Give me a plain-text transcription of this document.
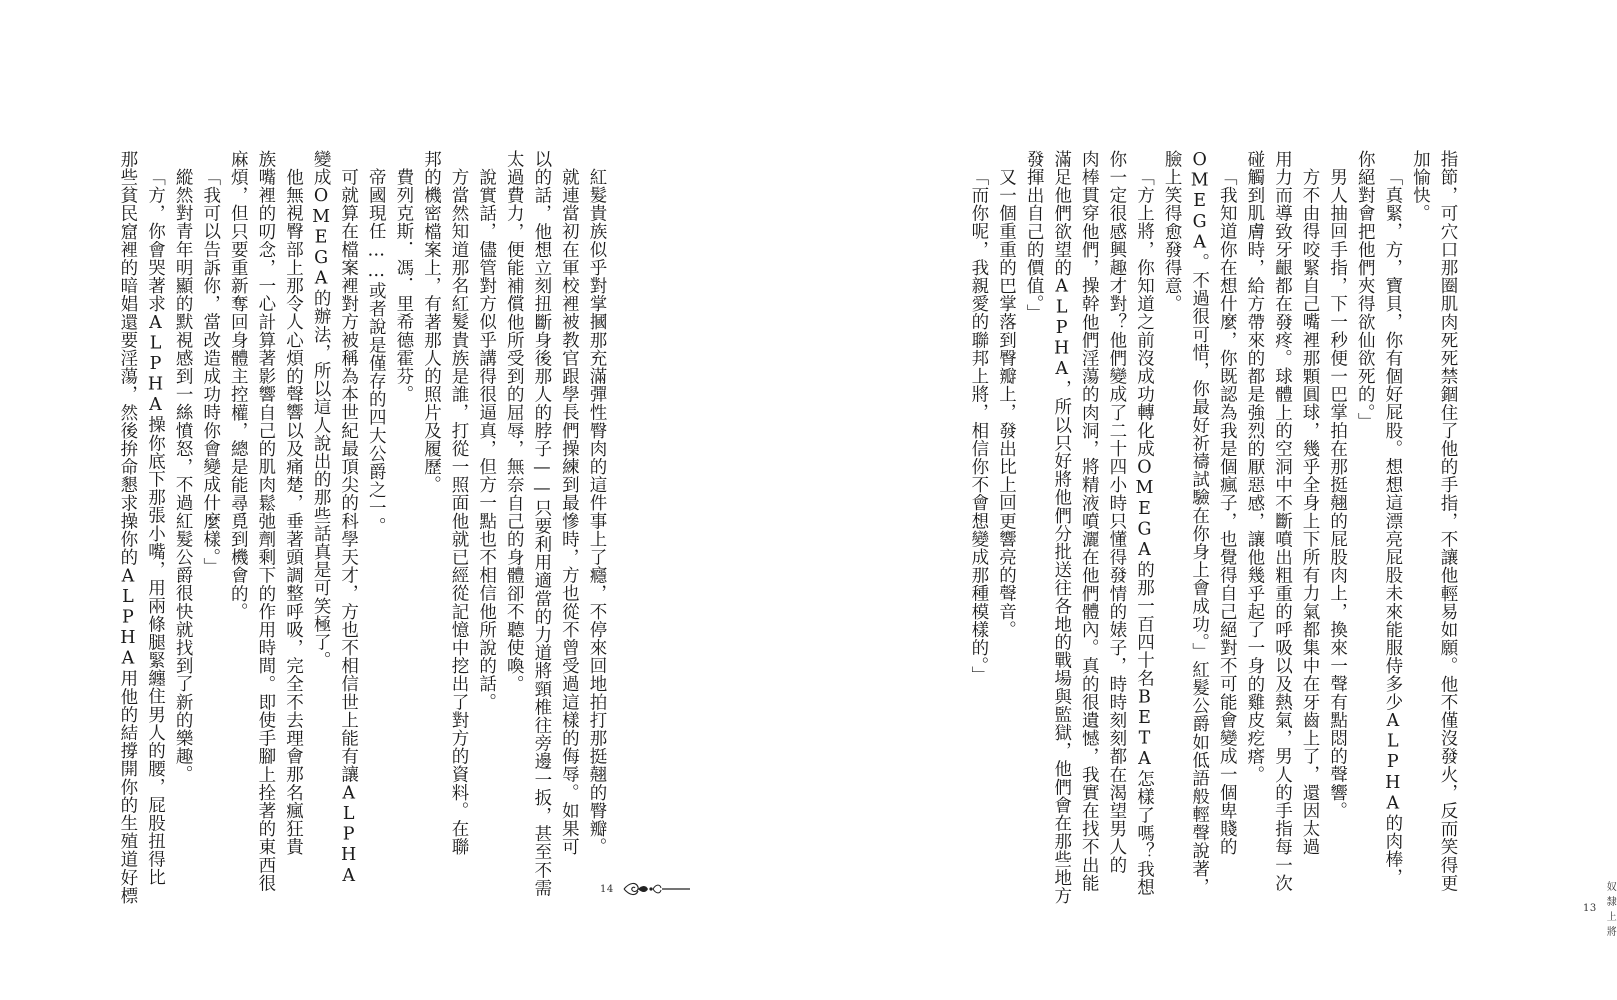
紅髮貴族似乎對掌摑那充滿彈性臀肉的這件事上了癮，不停來回地拍打那挺翹的臀瓣。

就連當初在軍校裡被教官跟學長們操練到最慘時，方也從不曾受過這樣的侮辱。如果可

以的話，他想立刻扭斷身後那人的脖子——只要利用適當的力道將頸椎往旁邊一扳，甚至不需

太過費力，便能補償他所受到的屈辱，無奈自己的身體卻不聽使喚。

說實話，儘管對方似乎講得很逼真，但方一點也不相信他所說的話。

方當然知道那名紅髮貴族是誰，打從一照面他就已經從記憶中挖出了對方的資料。在聯

邦的機密檔案上，有著那人的照片及履歷。

費列克斯．馮．里希德霍芬。

帝國現任……或者說是僅存的四大公爵之一。

可就算在檔案裡對方被稱為本世紀最頂尖的科學天才，方也不相信世上能有讓ALPHA

變成OMEGA的辦法，所以這人說出的那些話真是可笑極了。

他無視臀部上那令人心煩的聲響以及痛楚，垂著頭調整呼吸，完全不去理會那名瘋狂貴

族嘴裡的叨念，一心計算著影響自己的肌肉鬆弛劑剩下的作用時間。即使手腳上拴著的東西很

麻煩，但只要重新奪回身體主控權，總是能尋覓到機會的。

「我可以告訴你，當改造成功時你會變成什麼樣。」

縱然對青年明顯的默視感到一絲憤怒，不過紅髮公爵很快就找到了新的樂趣。

「方，你會哭著求ALPHA操你底下那張小嘴，用兩條腿緊纏住男人的腰，屁股扭得比

那些貧民窟裡的暗娼還要淫蕩，然後拚命懇求操你的ALPHA用他的結撐開你的生殖道好標	14	指節，可穴口那圈肌肉死死禁錮住了他的手指，不讓他輕易如願。他不僅沒發火，反而笑得更

加愉快。

「真緊，方，寶貝，你有個好屁股。想想這漂亮屁股未來能服侍多少ALPHA的肉棒，

你絕對會把他們夾得欲仙欲死的。」

男人抽回手指，下一秒便一巴掌拍在那挺翹的屁股肉上，換來一聲有點悶的聲響。

方不由得咬緊自己嘴裡那顆圓球，幾乎全身上下所有力氣都集中在牙齒上了，還因太過

用力而導致牙齦都在發疼。球體上的空洞中不斷噴出粗重的呼吸以及熱氣，男人的手指每一次

碰觸到肌膚時，給方帶來的都是強烈的厭惡感，讓他幾乎起了一身的雞皮疙瘩。

「我知道你在想什麼，你既認為我是個瘋子，也覺得自己絕對不可能會變成一個卑賤的

OMEGA。不過很可惜，你最好祈禱試驗在你身上會成功。」紅髮公爵如低語般輕聲說著，

臉上笑得愈發得意。

「方上將，你知道之前沒成功轉化成OMEGA的那一百四十名BETA怎樣了嗎？我想

你一定很感興趣才對？他們變成了二十四小時只懂得發情的婊子，時時刻刻都在渴望男人的

肉棒貫穿他們，操幹他們淫蕩的肉洞，將精液噴灑在他們體內。真的很遺憾，我實在找不出能

滿足他們欲望的ALPHA，所以只好將他們分批送往各地的戰場與監獄，他們會在那些地方

發揮出自己的價值。」

又一個重重的巴掌落到臀瓣上，發出比上回更響亮的聲音。

「而你呢，我親愛的聯邦上將，相信你不會想變成那種模樣的。」

13
奴隸上將
